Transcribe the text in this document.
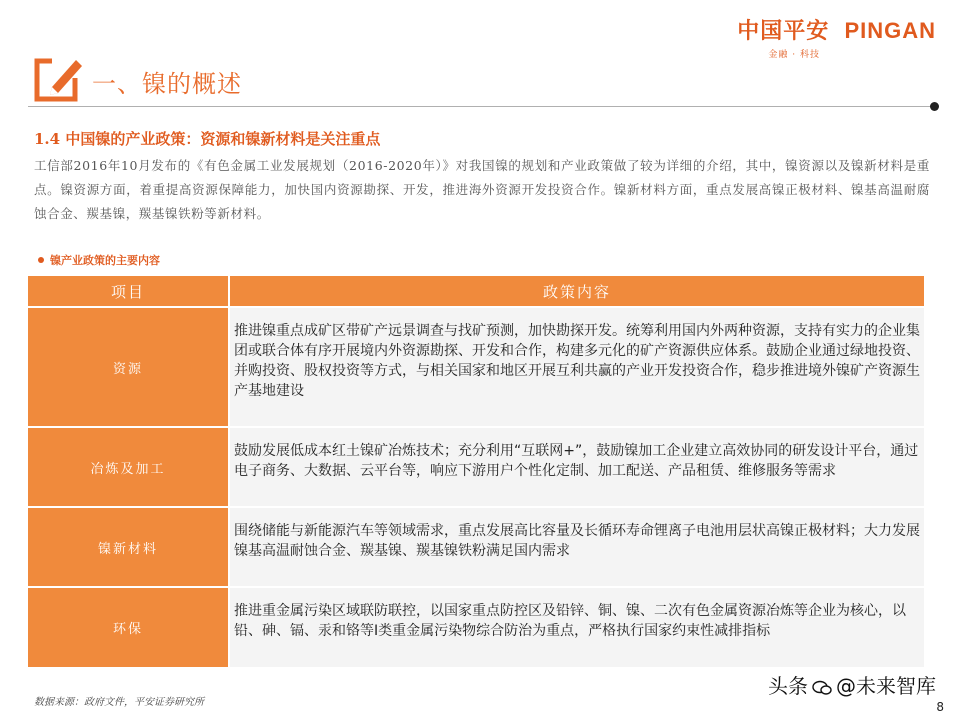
中国平安 PINGAN
金融 · 科技
一、镍的概述
1.4 中国镍的产业政策：资源和镍新材料是关注重点

工信部2016年10月发布的《有色金属工业发展规划（2016-2020年）》对我国镍的规划和产业政策做了较为详细的介绍，其中，镍资源以及镍新材料是重点。镍资源方面，着重提高资源保障能力，加快国内资源勘探、开发，推进海外资源开发投资合作。镍新材料方面，重点发展高镍正极材料、镍基高温耐腐蚀合金、羰基镍，羰基镍铁粉等新材料。

镍产业政策的主要内容
项目	政策内容
资源	推进镍重点成矿区带矿产远景调查与找矿预测，加快勘探开发。统筹利用国内外两种资源，支持有实力的企业集团或联合体有序开展境内外资源勘探、开发和合作，构建多元化的矿产资源供应体系。鼓励企业通过绿地投资、并购投资、股权投资等方式，与相关国家和地区开展互利共赢的产业开发投资合作，稳步推进境外镍矿产资源生产基地建设
冶炼及加工	鼓励发展低成本红土镍矿冶炼技术；充分利用“互联网+”，鼓励镍加工企业建立高效协同的研发设计平台，通过电子商务、大数据、云平台等，响应下游用户个性化定制、加工配送、产品租赁、维修服务等需求
镍新材料	围绕储能与新能源汽车等领域需求，重点发展高比容量及长循环寿命锂离子电池用层状高镍正极材料；大力发展镍基高温耐蚀合金、羰基镍、羰基镍铁粉满足国内需求
环保	推进重金属污染区域联防联控，以国家重点防控区及铅锌、铜、镍、二次有色金属资源冶炼等企业为核心，以铅、砷、镉、汞和铬等Ⅰ类重金属污染物综合防治为重点，严格执行国家约束性减排指标
数据来源：政府文件，平安证券研究所
头条 @未来智库
8
